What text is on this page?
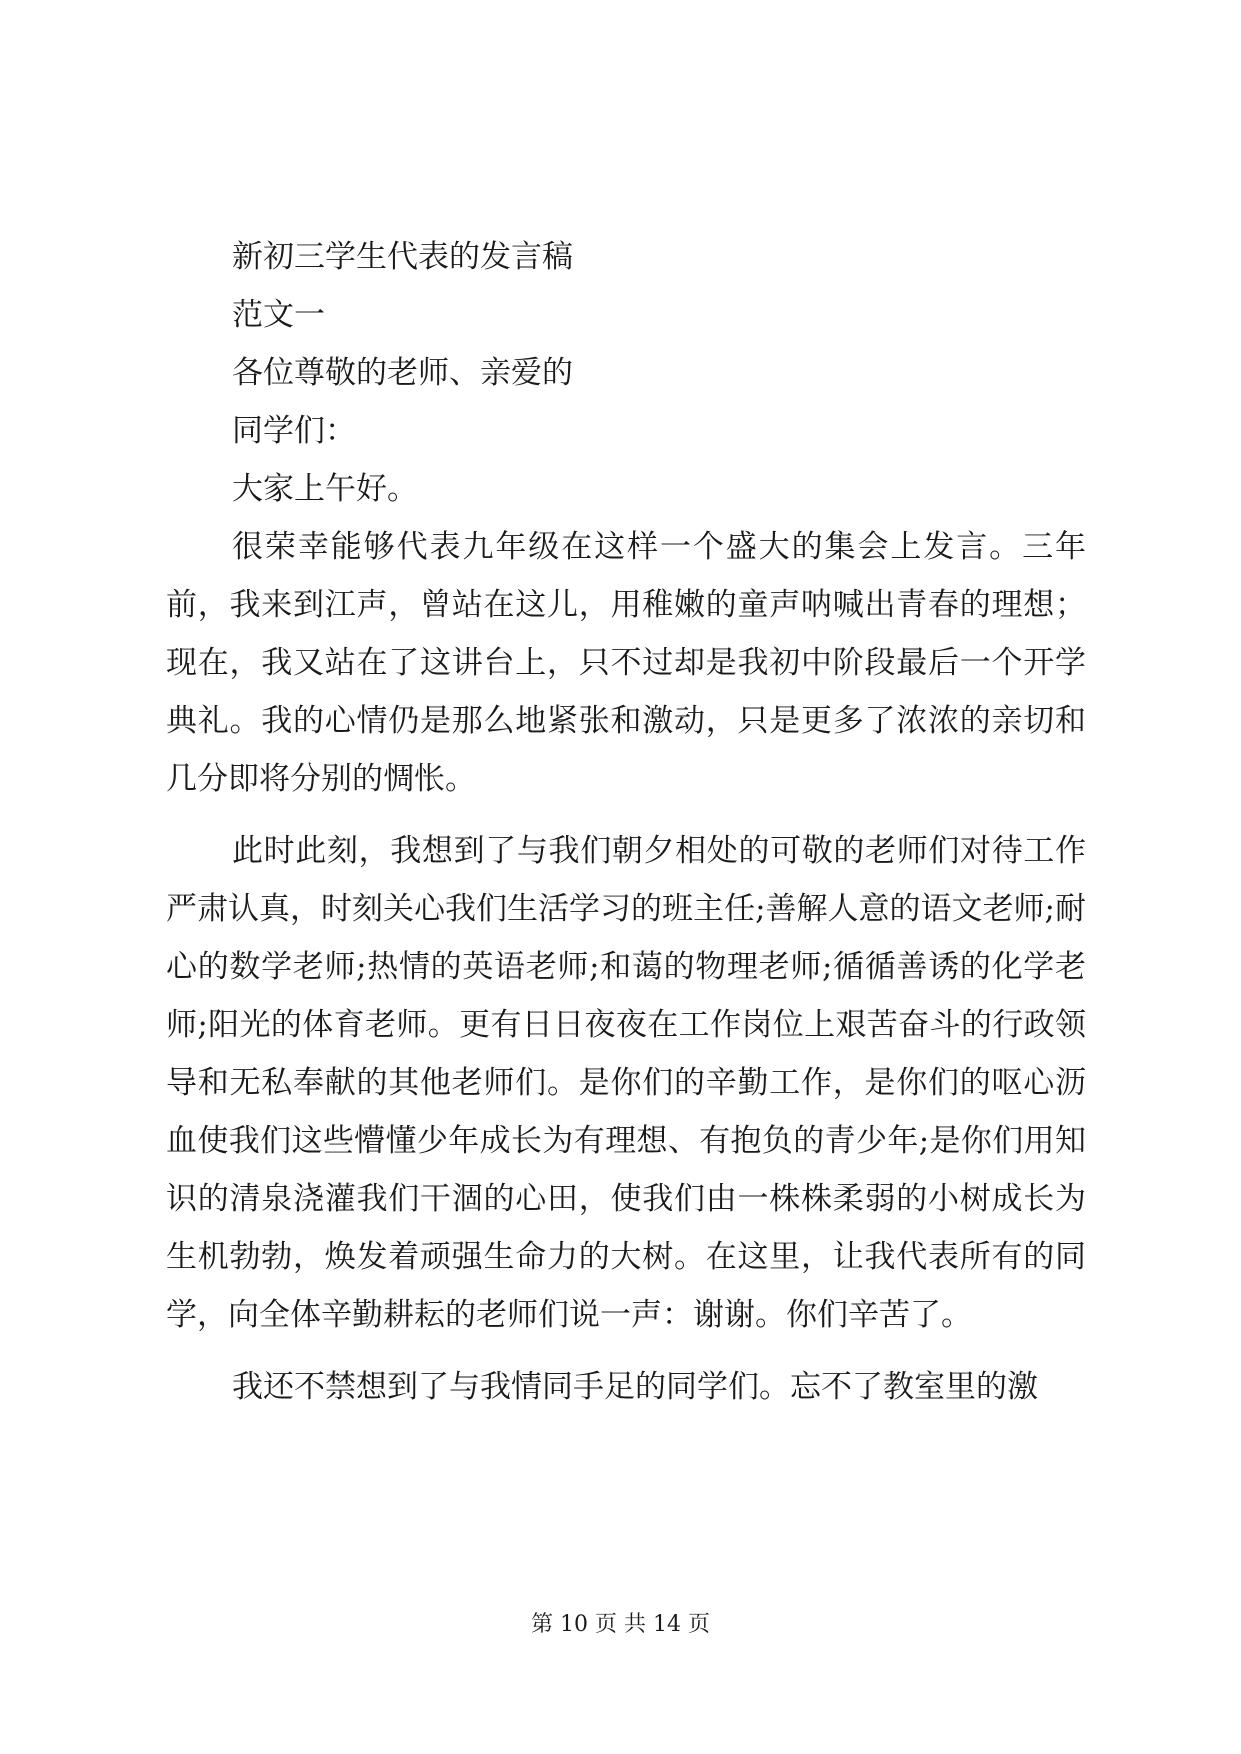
新初三学生代表的发言稿

范文一

各位尊敬的老师、亲爱的

同学们：

大家上午好。

很荣幸能够代表九年级在这样一个盛大的集会上发言。三年前，我来到江声，曾站在这儿，用稚嫩的童声呐喊出青春的理想；现在，我又站在了这讲台上，只不过却是我初中阶段最后一个开学典礼。我的心情仍是那么地紧张和激动，只是更多了浓浓的亲切和几分即将分别的惆怅。

此时此刻，我想到了与我们朝夕相处的可敬的老师们对待工作严肃认真，时刻关心我们生活学习的班主任;善解人意的语文老师;耐心的数学老师;热情的英语老师;和蔼的物理老师;循循善诱的化学老师;阳光的体育老师。更有日日夜夜在工作岗位上艰苦奋斗的行政领导和无私奉献的其他老师们。是你们的辛勤工作，是你们的呕心沥血使我们这些懵懂少年成长为有理想、有抱负的青少年;是你们用知识的清泉浇灌我们干涸的心田，使我们由一株株柔弱的小树成长为生机勃勃，焕发着顽强生命力的大树。在这里，让我代表所有的同学，向全体辛勤耕耘的老师们说一声：谢谢。你们辛苦了。

我还不禁想到了与我情同手足的同学们。忘不了教室里的激

第 10 页 共 14 页
